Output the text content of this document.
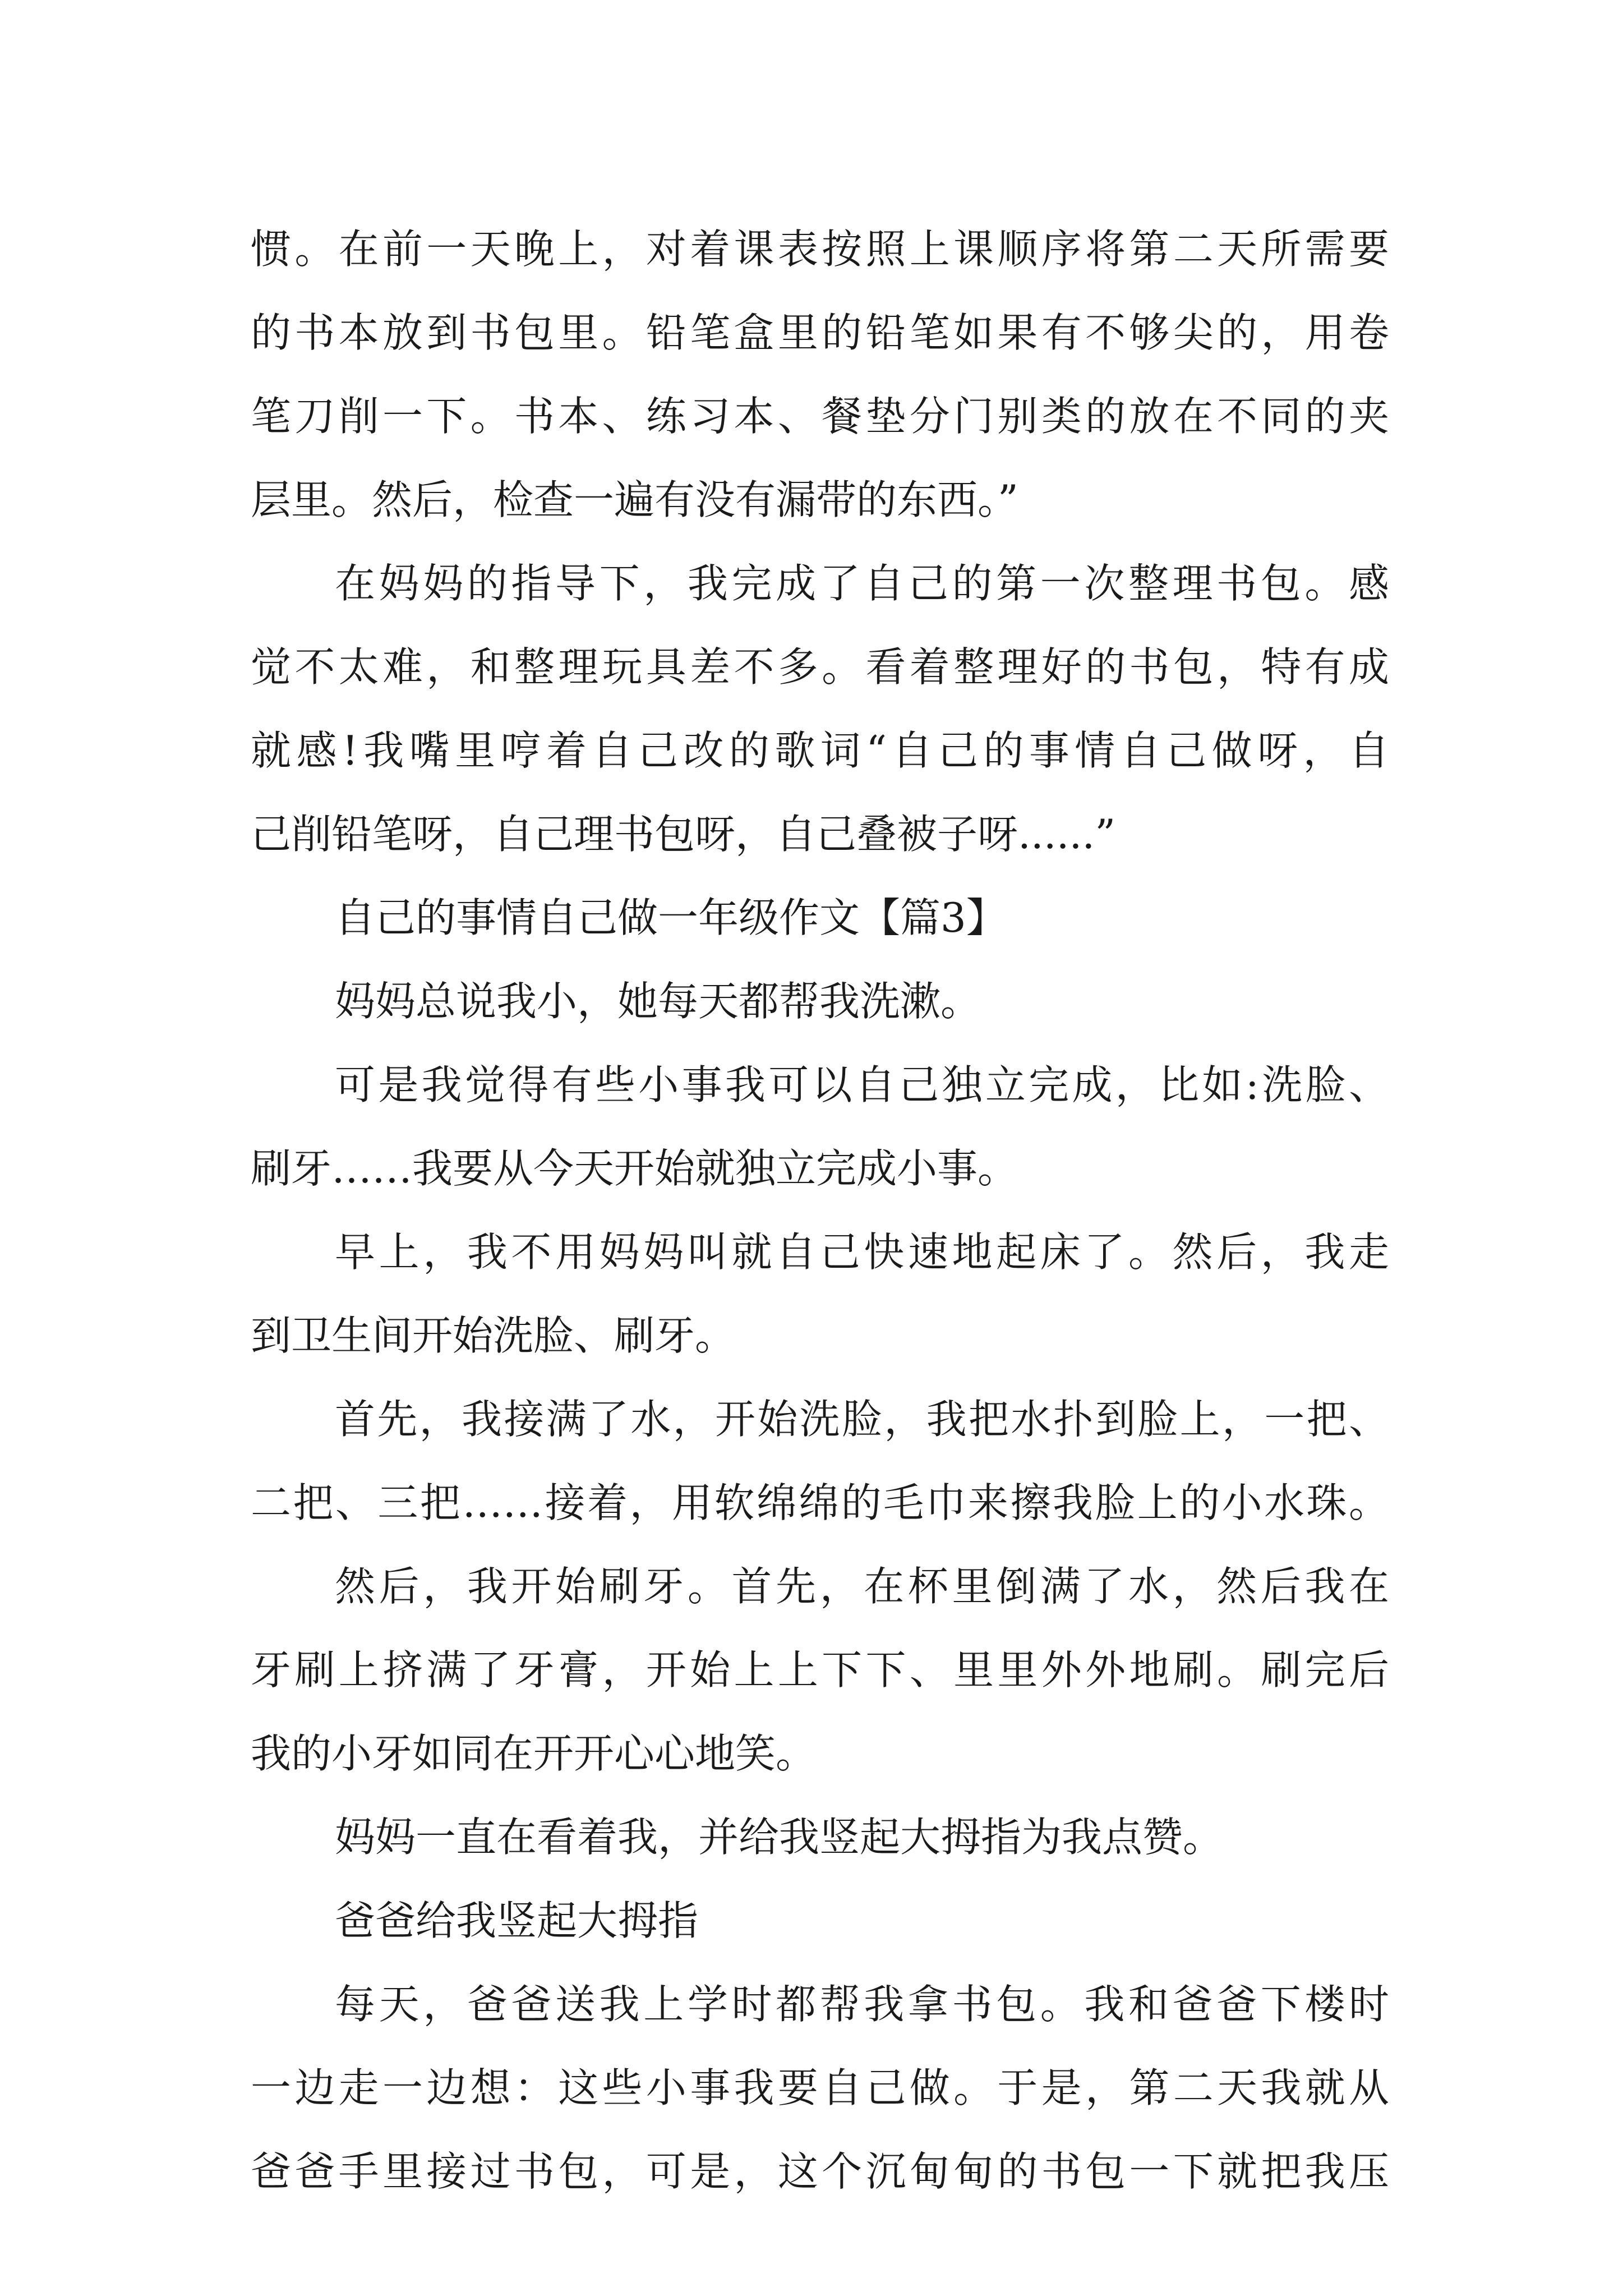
惯。在前一天晚上，对着课表按照上课顺序将第二天所需要
的书本放到书包里。铅笔盒里的铅笔如果有不够尖的，用卷
笔刀削一下。书本、练习本、餐垫分门别类的放在不同的夹
层里。然后，检查一遍有没有漏带的东西。”
在妈妈的指导下，我完成了自己的第一次整理书包。感
觉不太难，和整理玩具差不多。看着整理好的书包，特有成
就感!我嘴里哼着自己改的歌词“自己的事情自己做呀，自
己削铅笔呀，自己理书包呀，自己叠被子呀......”
自己的事情自己做一年级作文【篇3】
妈妈总说我小，她每天都帮我洗漱。
可是我觉得有些小事我可以自己独立完成，比如:洗脸、
刷牙……我要从今天开始就独立完成小事。
早上，我不用妈妈叫就自己快速地起床了。然后，我走
到卫生间开始洗脸、刷牙。
首先，我接满了水，开始洗脸，我把水扑到脸上，一把、
二把、三把……接着，用软绵绵的毛巾来擦我脸上的小水珠。
然后，我开始刷牙。首先，在杯里倒满了水，然后我在
牙刷上挤满了牙膏，开始上上下下、里里外外地刷。刷完后
我的小牙如同在开开心心地笑。
妈妈一直在看着我，并给我竖起大拇指为我点赞。
爸爸给我竖起大拇指
每天，爸爸送我上学时都帮我拿书包。我和爸爸下楼时
一边走一边想：这些小事我要自己做。于是，第二天我就从
爸爸手里接过书包，可是，这个沉甸甸的书包一下就把我压
